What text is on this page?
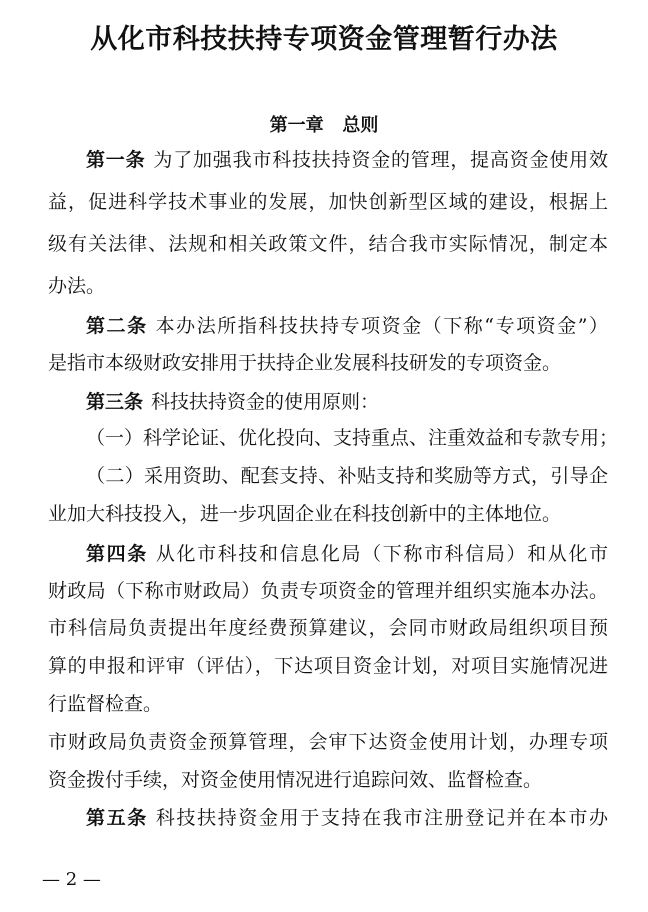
从化市科技扶持专项资金管理暂行办法
第一章   总则
第一条 为了加强我市科技扶持资金的管理，提高资金使用效
益，促进科学技术事业的发展，加快创新型区域的建设，根据上
级有关法律、法规和相关政策文件，结合我市实际情况，制定本
办法。
第二条 本办法所指科技扶持专项资金（下称“专项资金”）
是指市本级财政安排用于扶持企业发展科技研发的专项资金。
第三条 科技扶持资金的使用原则：
（一）科学论证、优化投向、支持重点、注重效益和专款专用；
（二）采用资助、配套支持、补贴支持和奖励等方式，引导企
业加大科技投入，进一步巩固企业在科技创新中的主体地位。
第四条 从化市科技和信息化局（下称市科信局）和从化市
财政局（下称市财政局）负责专项资金的管理并组织实施本办法。
市科信局负责提出年度经费预算建议，会同市财政局组织项目预
算的申报和评审（评估），下达项目资金计划，对项目实施情况进
行监督检查。
市财政局负责资金预算管理，会审下达资金使用计划，办理专项
资金拨付手续，对资金使用情况进行追踪问效、监督检查。
第五条 科技扶持资金用于支持在我市注册登记并在本市办
— 2 —
